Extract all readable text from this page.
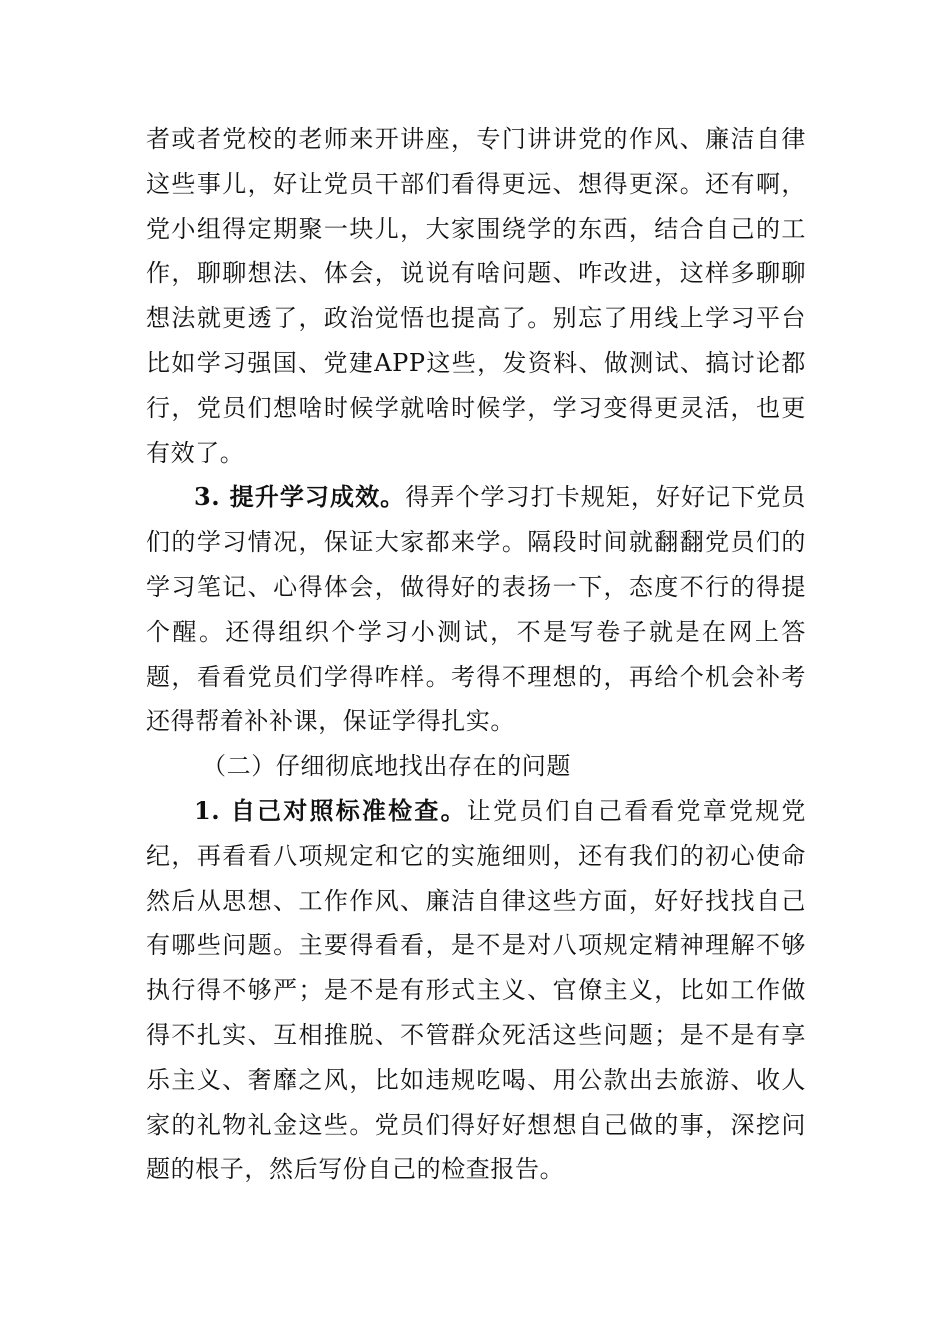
者或者党校的老师来开讲座，专门讲讲党的作风、廉洁自律这些事儿，好让党员干部们看得更远、想得更深。还有啊，党小组得定期聚一块儿，大家围绕学的东西，结合自己的工作，聊聊想法、体会，说说有啥问题、咋改进，这样多聊聊想法就更透了，政治觉悟也提高了。别忘了用线上学习平台比如学习强国、党建APP这些，发资料、做测试、搞讨论都行，党员们想啥时候学就啥时候学，学习变得更灵活，也更有效了。

3. 提升学习成效。得弄个学习打卡规矩，好好记下党员们的学习情况，保证大家都来学。隔段时间就翻翻党员们的学习笔记、心得体会，做得好的表扬一下，态度不行的得提个醒。还得组织个学习小测试，不是写卷子就是在网上答题，看看党员们学得咋样。考得不理想的，再给个机会补考还得帮着补补课，保证学得扎实。

（二）仔细彻底地找出存在的问题

1. 自己对照标准检查。让党员们自己看看党章党规党纪，再看看八项规定和它的实施细则，还有我们的初心使命然后从思想、工作作风、廉洁自律这些方面，好好找找自己有哪些问题。主要得看看，是不是对八项规定精神理解不够执行得不够严；是不是有形式主义、官僚主义，比如工作做得不扎实、互相推脱、不管群众死活这些问题；是不是有享乐主义、奢靡之风，比如违规吃喝、用公款出去旅游、收人家的礼物礼金这些。党员们得好好想想自己做的事，深挖问题的根子，然后写份自己的检查报告。
